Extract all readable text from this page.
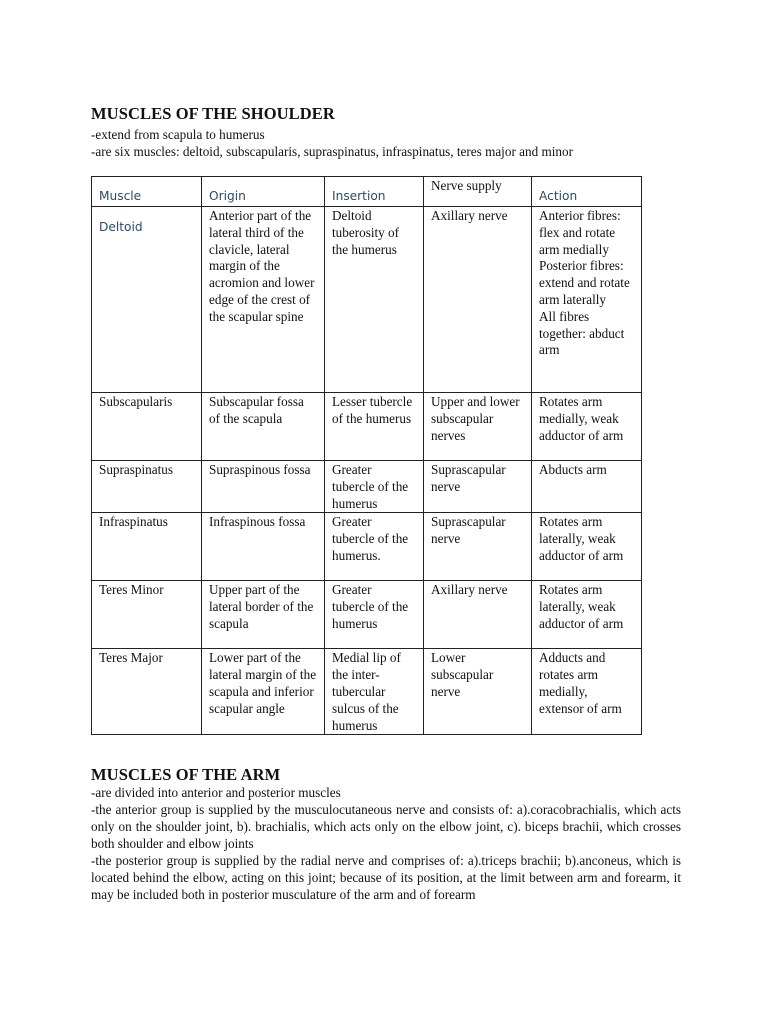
MUSCLES OF THE SHOULDER
-extend from scapula to humerus
-are six muscles: deltoid, subscapularis, supraspinatus, infraspinatus, teres major and minor
Muscle	Origin	Insertion	Nerve supply	Action
Deltoid	Anterior part of the lateral third of the clavicle, lateral margin of the acromion and lower edge of the crest of the scapular spine	Deltoid tuberosity of the humerus	Axillary nerve	Anterior fibres: flex and rotate arm medially
Posterior fibres: extend and rotate arm laterally
All fibres together: abduct arm

Subscapularis	Subscapular fossa of the scapula	Lesser tubercle of the humerus	Upper and lower subscapular nerves	Rotates arm medially, weak adductor of arm
Supraspinatus	Supraspinous fossa	Greater tubercle of the humerus	Suprascapular nerve	Abducts arm
Infraspinatus	Infraspinous fossa	Greater tubercle of the humerus.	Suprascapular nerve	Rotates arm laterally, weak adductor of arm
Teres Minor	Upper part of the lateral border of the scapula	Greater tubercle of the humerus	Axillary nerve	Rotates arm laterally, weak adductor of arm
Teres Major	Lower part of the lateral margin of the scapula and inferior scapular angle	Medial lip of the inter-tubercular sulcus of the humerus	Lower subscapular nerve	Adducts and rotates arm medially, extensor of arm
MUSCLES OF THE ARM
-are divided into anterior and posterior muscles
-the anterior group is supplied by the musculocutaneous nerve and consists of: a).coracobrachialis, which acts only on the shoulder joint, b). brachialis, which acts only on the elbow joint, c). biceps brachii, which crosses both shoulder and elbow joints
-the posterior group is supplied by the radial nerve and comprises of: a).triceps brachii; b).anconeus, which is located behind the elbow, acting on this joint; because of its position, at the limit between arm and forearm, it may be included both in posterior musculature of the arm and of forearm
